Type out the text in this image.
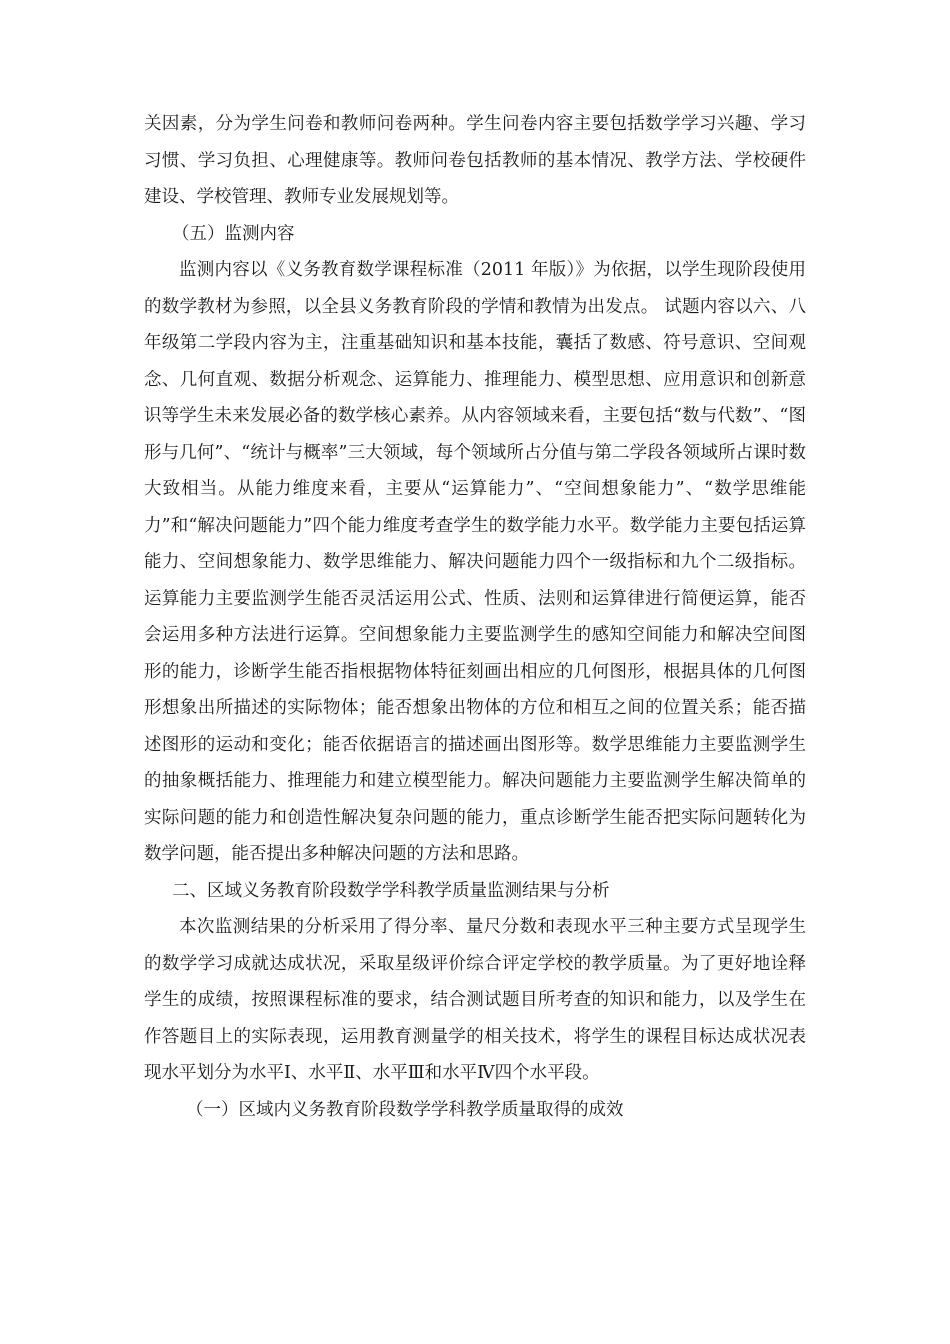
关因素，分为学生问卷和教师问卷两种。学生问卷内容主要包括数学学习兴趣、学习习惯、学习负担、心理健康等。教师问卷包括教师的基本情况、教学方法、学校硬件建设、学校管理、教师专业发展规划等。

（五）监测内容

监测内容以《义务教育数学课程标准（2011 年版）》为依据，以学生现阶段使用的数学教材为参照，以全县义务教育阶段的学情和教情为出发点。 试题内容以六、八年级第二学段内容为主，注重基础知识和基本技能，囊括了数感、符号意识、空间观念、几何直观、数据分析观念、运算能力、推理能力、模型思想、应用意识和创新意识等学生未来发展必备的数学核心素养。从内容领域来看，主要包括“数与代数”、“图形与几何”、“统计与概率”三大领域，每个领域所占分值与第二学段各领域所占课时数大致相当。从能力维度来看，主要从“运算能力”、“空间想象能力”、“数学思维能力”和“解决问题能力”四个能力维度考查学生的数学能力水平。数学能力主要包括运算能力、空间想象能力、数学思维能力、解决问题能力四个一级指标和九个二级指标。运算能力主要监测学生能否灵活运用公式、性质、法则和运算律进行简便运算，能否会运用多种方法进行运算。空间想象能力主要监测学生的感知空间能力和解决空间图形的能力，诊断学生能否指根据物体特征刻画出相应的几何图形，根据具体的几何图形想象出所描述的实际物体；能否想象出物体的方位和相互之间的位置关系；能否描述图形的运动和变化；能否依据语言的描述画出图形等。数学思维能力主要监测学生的抽象概括能力、推理能力和建立模型能力。解决问题能力主要监测学生解决简单的实际问题的能力和创造性解决复杂问题的能力，重点诊断学生能否把实际问题转化为数学问题，能否提出多种解决问题的方法和思路。

二、区域义务教育阶段数学学科教学质量监测结果与分析

本次监测结果的分析采用了得分率、量尺分数和表现水平三种主要方式呈现学生的数学学习成就达成状况，采取星级评价综合评定学校的教学质量。为了更好地诠释学生的成绩，按照课程标准的要求，结合测试题目所考查的知识和能力，以及学生在作答题目上的实际表现，运用教育测量学的相关技术，将学生的课程目标达成状况表现水平划分为水平Ⅰ、水平Ⅱ、水平Ⅲ和水平Ⅳ四个水平段。

（一）区域内义务教育阶段数学学科教学质量取得的成效
